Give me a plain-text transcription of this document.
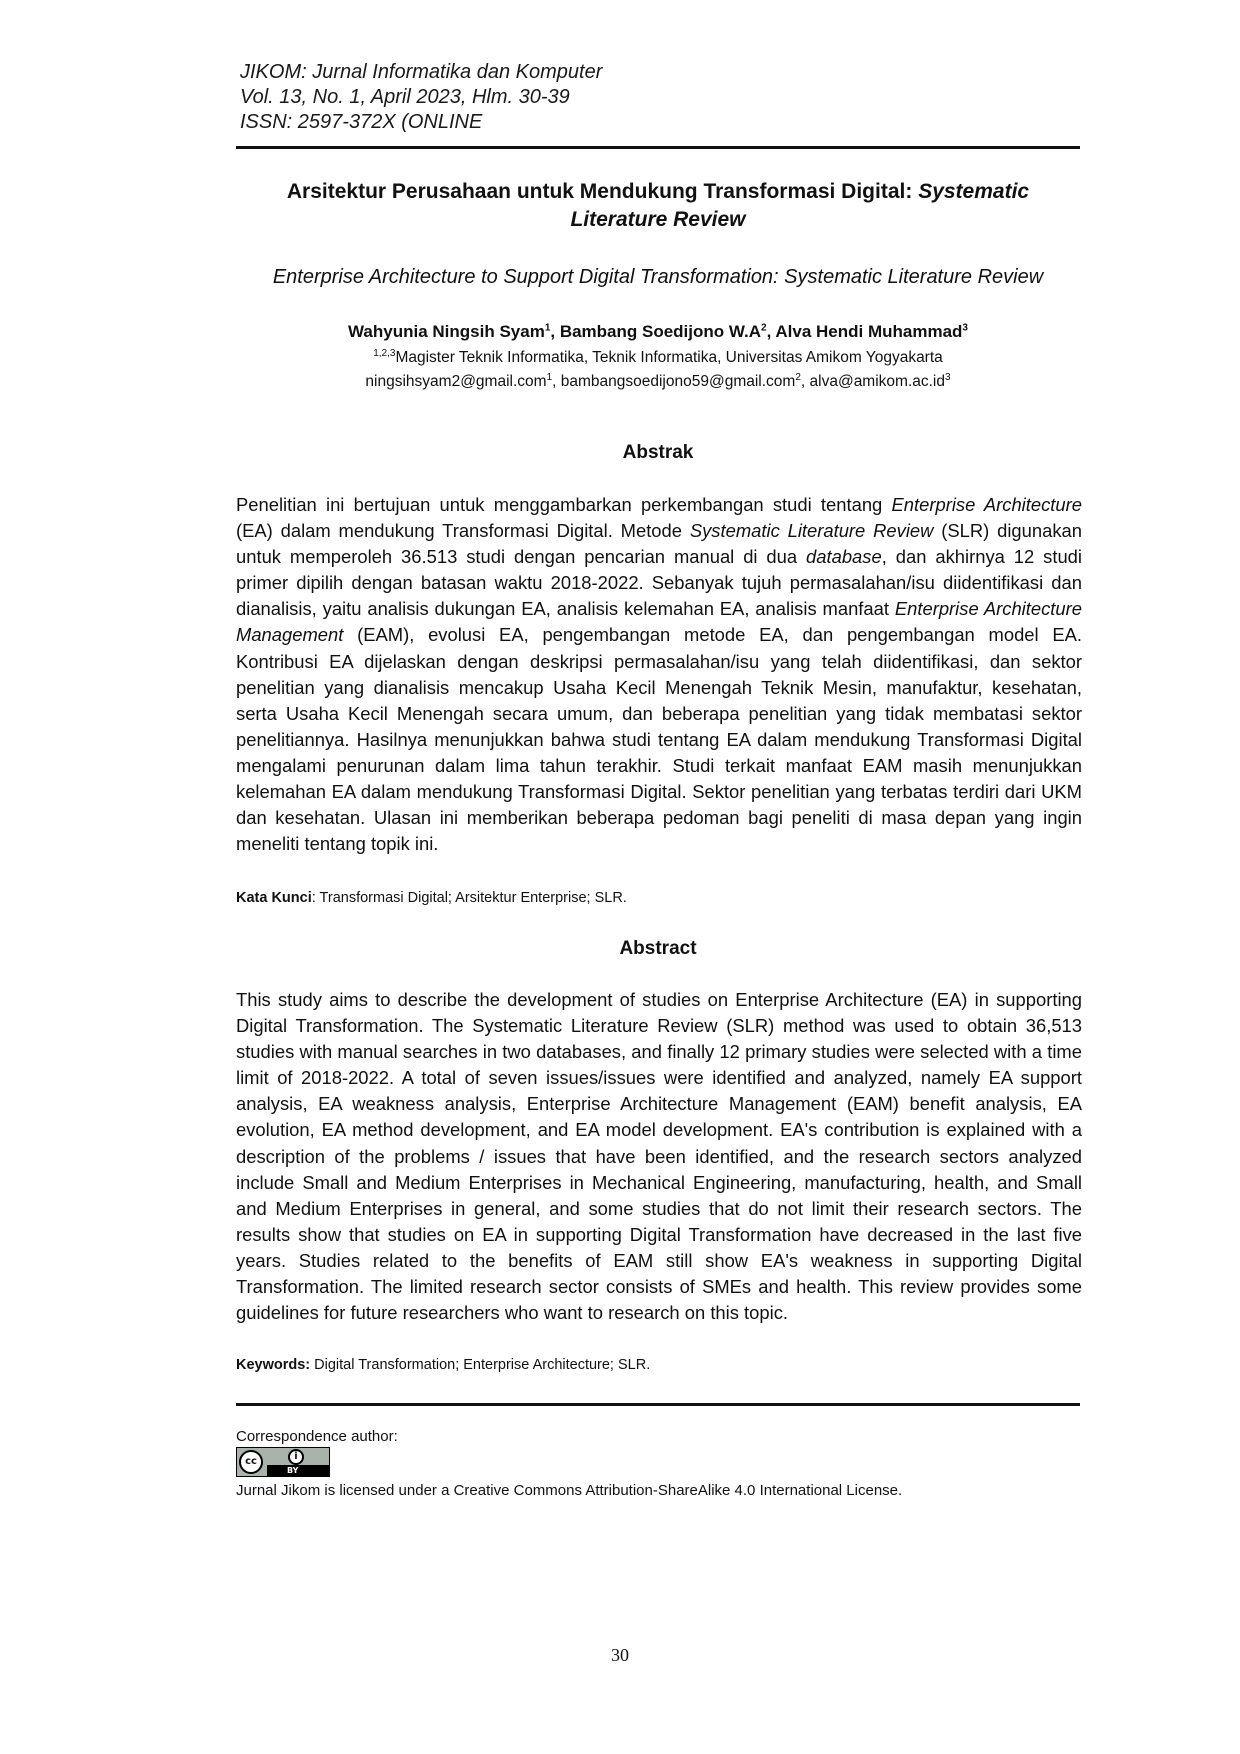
JIKOM: Jurnal Informatika dan Komputer
Vol. 13, No. 1, April 2023, Hlm. 30-39
ISSN: 2597-372X (ONLINE
Arsitektur Perusahaan untuk Mendukung Transformasi Digital: Systematic Literature Review
Enterprise Architecture to Support Digital Transformation: Systematic Literature Review
Wahyunia Ningsih Syam$^1$, Bambang Soedijono $W.A^2$, Alva Hendi Muhammad$^3$
$^{1,2,3}$Magister Teknik Informatika, Teknik Informatika, Universitas Amikom Yogyakarta
ningsihsyam2@gmail.com$^1$, bambangsoedijono59@gmail.com$^2$, $alva@amikom.ac.id^3$
Abstrak

Penelitian ini bertujuan untuk menggambarkan perkembangan studi tentang Enterprise Architecture (EA) dalam mendukung Transformasi Digital. Metode Systematic Literature Review (SLR) digunakan untuk memperoleh 36.513 studi dengan pencarian manual di dua database, dan akhirnya 12 studi primer dipilih dengan batasan waktu 2018-2022. Sebanyak tujuh permasalahan/isu diidentifikasi dan dianalisis, yaitu analisis dukungan EA, analisis kelemahan EA, analisis manfaat Enterprise Architecture Management (EAM), evolusi EA, pengembangan metode EA, dan pengembangan model EA. Kontribusi EA dijelaskan dengan deskripsi permasalahan/isu yang telah diidentifikasi, dan sektor penelitian yang dianalisis mencakup Usaha Kecil Menengah Teknik Mesin, manufaktur, kesehatan, serta Usaha Kecil Menengah secara umum, dan beberapa penelitian yang tidak membatasi sektor penelitiannya. Hasilnya menunjukkan bahwa studi tentang EA dalam mendukung Transformasi Digital mengalami penurunan dalam lima tahun terakhir. Studi terkait manfaat EAM masih menunjukkan kelemahan EA dalam mendukung Transformasi Digital. Sektor penelitian yang terbatas terdiri dari UKM dan kesehatan. Ulasan ini memberikan beberapa pedoman bagi peneliti di masa depan yang ingin meneliti tentang topik ini.

Kata Kunci: Transformasi Digital; Arsitektur Enterprise; SLR.
Abstract

This study aims to describe the development of studies on Enterprise Architecture (EA) in supporting Digital Transformation. The Systematic Literature Review (SLR) method was used to obtain 36,513 studies with manual searches in two databases, and finally 12 primary studies were selected with a time limit of 2018-2022. A total of seven issues/issues were identified and analyzed, namely EA support analysis, EA weakness analysis, Enterprise Architecture Management (EAM) benefit analysis, EA evolution, EA method development, and EA model development. EA's contribution is explained with a description of the problems / issues that have been identified, and the research sectors analyzed include Small and Medium Enterprises in Mechanical Engineering, manufacturing, health, and Small and Medium Enterprises in general, and some studies that do not limit their research sectors. The results show that studies on EA in supporting Digital Transformation have decreased in the last five years. Studies related to the benefits of EAM still show EA's weakness in supporting Digital Transformation. The limited research sector consists of SMEs and health. This review provides some guidelines for future researchers who want to research on this topic.

Keywords: Digital Transformation; Enterprise Architecture; SLR.
Correspondence author:
cc	i
BY
Jurnal Jikom is licensed under a Creative Commons Attribution-ShareAlike 4.0 International License.
30
